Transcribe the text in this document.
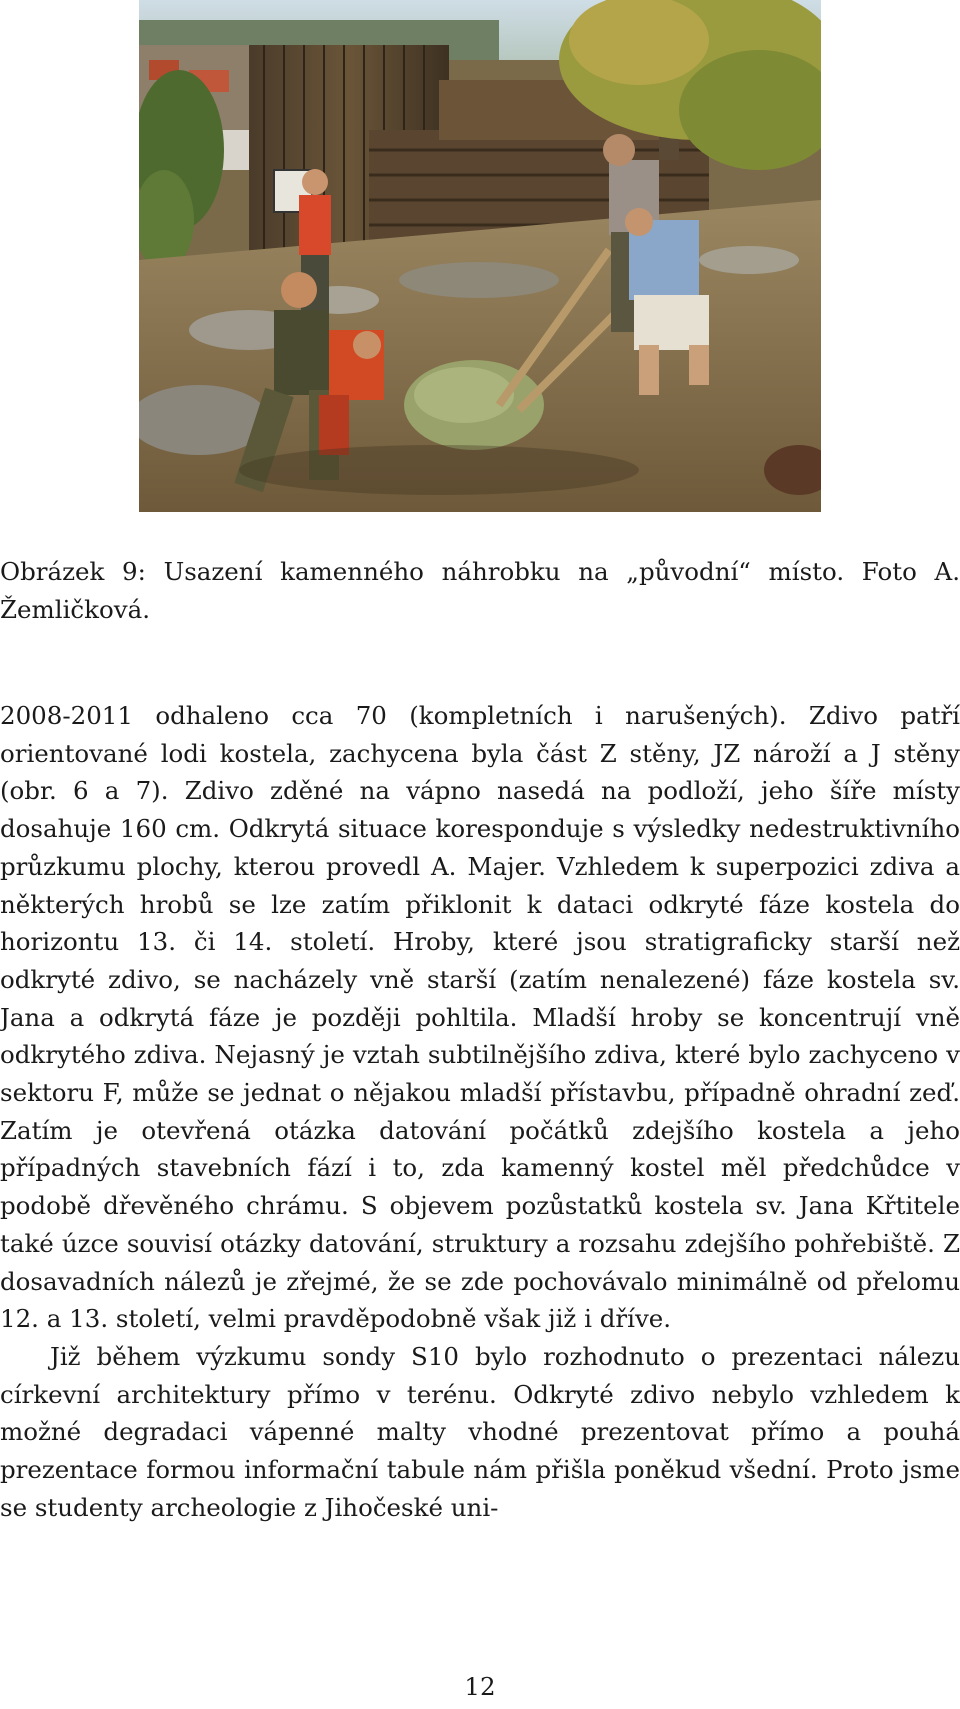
Obrázek 9: Usazení kamenného náhrobku na „původní“ místo. Foto A. Žemličková.

2008-2011 odhaleno cca 70 (kompletních i narušených). Zdivo patří orientované lodi kostela, zachycena byla část Z stěny, JZ nároží a J stěny (obr. 6 a 7). Zdivo zděné na vápno nasedá na podloží, jeho šíře místy dosahuje 160 cm. Odkrytá situace koresponduje s výsledky nedestruktivního průzkumu plochy, kterou provedl A. Majer. Vzhledem k superpozici zdiva a některých hrobů se lze zatím přiklonit k dataci odkryté fáze kostela do horizontu 13. či 14. století. Hroby, které jsou stratigraficky starší než odkryté zdivo, se nacházely vně starší (zatím nenalezené) fáze kostela sv. Jana a odkrytá fáze je později pohltila. Mladší hroby se koncentrují vně odkrytého zdiva. Nejasný je vztah subtilnějšího zdiva, které bylo zachyceno v sektoru F, může se jednat o nějakou mladší přístavbu, případně ohradní zeď. Zatím je otevřená otázka datování počátků zdejšího kostela a jeho případných stavebních fází i to, zda kamenný kostel měl předchůdce v podobě dřevěného chrámu. S objevem pozůstatků kostela sv. Jana Křtitele také úzce souvisí otázky datování, struktury a rozsahu zdejšího pohřebiště. Z dosavadních nálezů je zřejmé, že se zde pochovávalo minimálně od přelomu 12. a 13. století, velmi pravděpodobně však již i dříve.

Již během výzkumu sondy S10 bylo rozhodnuto o prezentaci nálezu církevní architektury přímo v terénu. Odkryté zdivo nebylo vzhledem k možné degradaci vápenné malty vhodné prezentovat přímo a pouhá prezentace formou informační tabule nám přišla poněkud všední. Proto jsme se studenty archeologie z Jihočeské uni-

12
